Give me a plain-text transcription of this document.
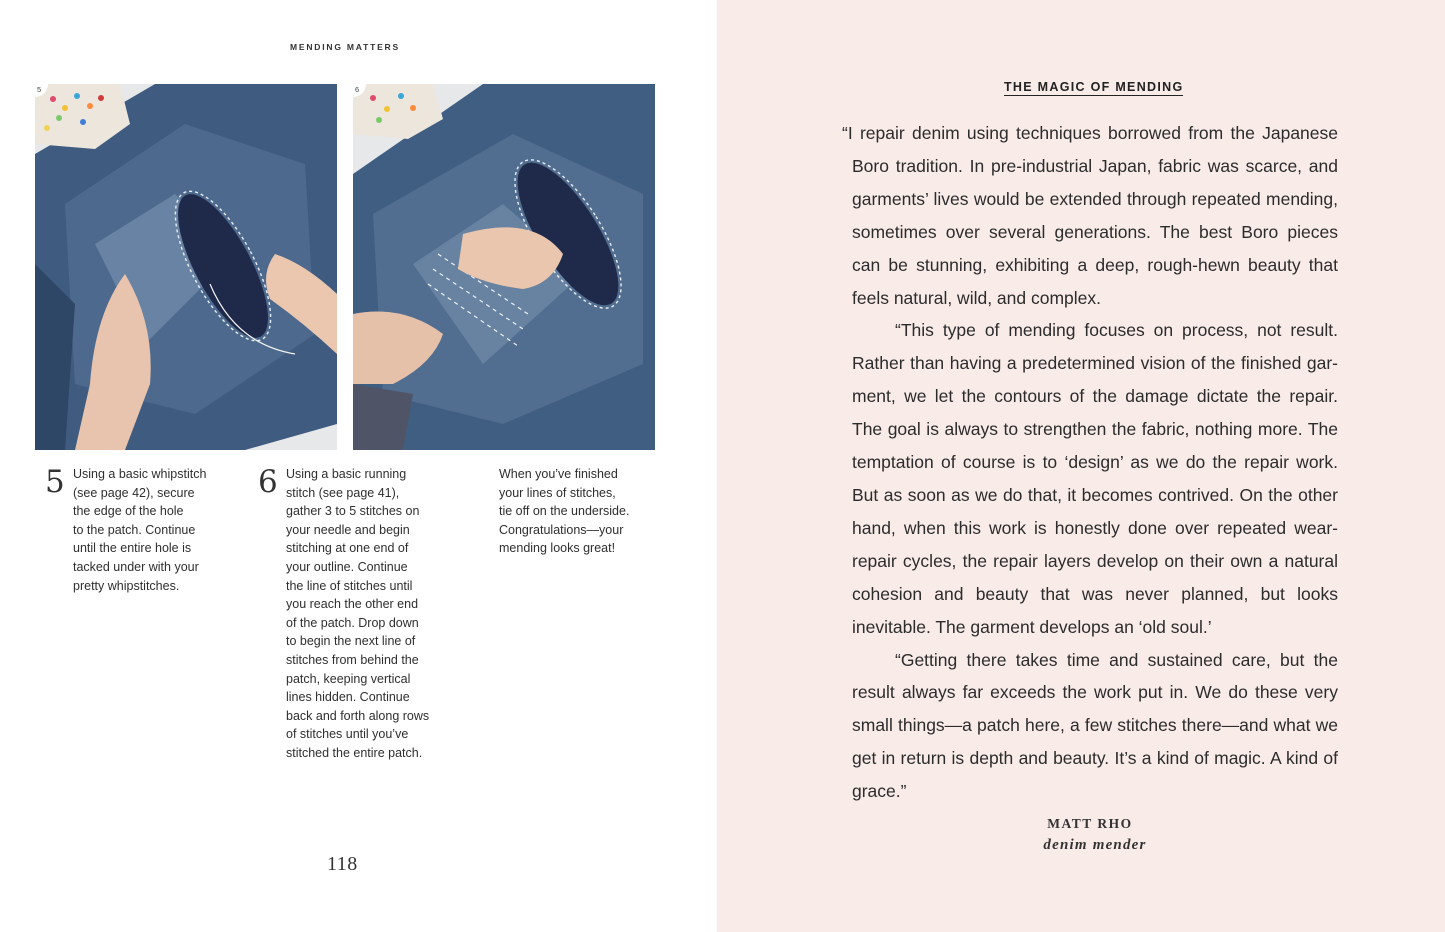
MENDING MATTERS
5	6
5 Using a basic whipstitch
(see page 42), secure
the edge of the hole
to the patch. Continue
until the entire hole is
tacked under with your
pretty whipstitches.
6 Using a basic running
stitch (see page 41),
gather 3 to 5 stitches on
your needle and begin
stitching at one end of
your outline. Continue
the line of stitches until
you reach the other end
of the patch. Drop down
to begin the next line of
stitches from behind the
patch, keeping vertical
lines hidden. Continue
back and forth along rows
of stitches until you’ve
stitched the entire patch.
When you’ve finished
your lines of stitches,
tie off on the underside.
Congratulations—your
mending looks great!
118
THE MAGIC OF MENDING

“I repair denim using techniques borrowed from the Japanese Boro tradition. In pre-industrial Japan, fabric was scarce, and garments’ lives would be extended through repeated mending, sometimes over several generations. The best Boro pieces can be stunning, exhibiting a deep, rough-hewn beauty that feels natural, wild, and complex.

“This type of mending focuses on process, not result. Rather than having a predetermined vision of the finished gar-ment, we let the contours of the damage dictate the repair. The goal is always to strengthen the fabric, nothing more. The temptation of course is to ‘design’ as we do the repair work. But as soon as we do that, it becomes contrived. On the other hand, when this work is honestly done over repeated wear-repair cycles, the repair layers develop on their own a natural cohesion and beauty that was never planned, but looks inevitable. The garment develops an ‘old soul.’

“Getting there takes time and sustained care, but the result always far exceeds the work put in. We do these very small things—a patch here, a few stitches there—and what we get in return is depth and beauty. It’s a kind of magic. A kind of grace.”

MATT RHO
denim mender
